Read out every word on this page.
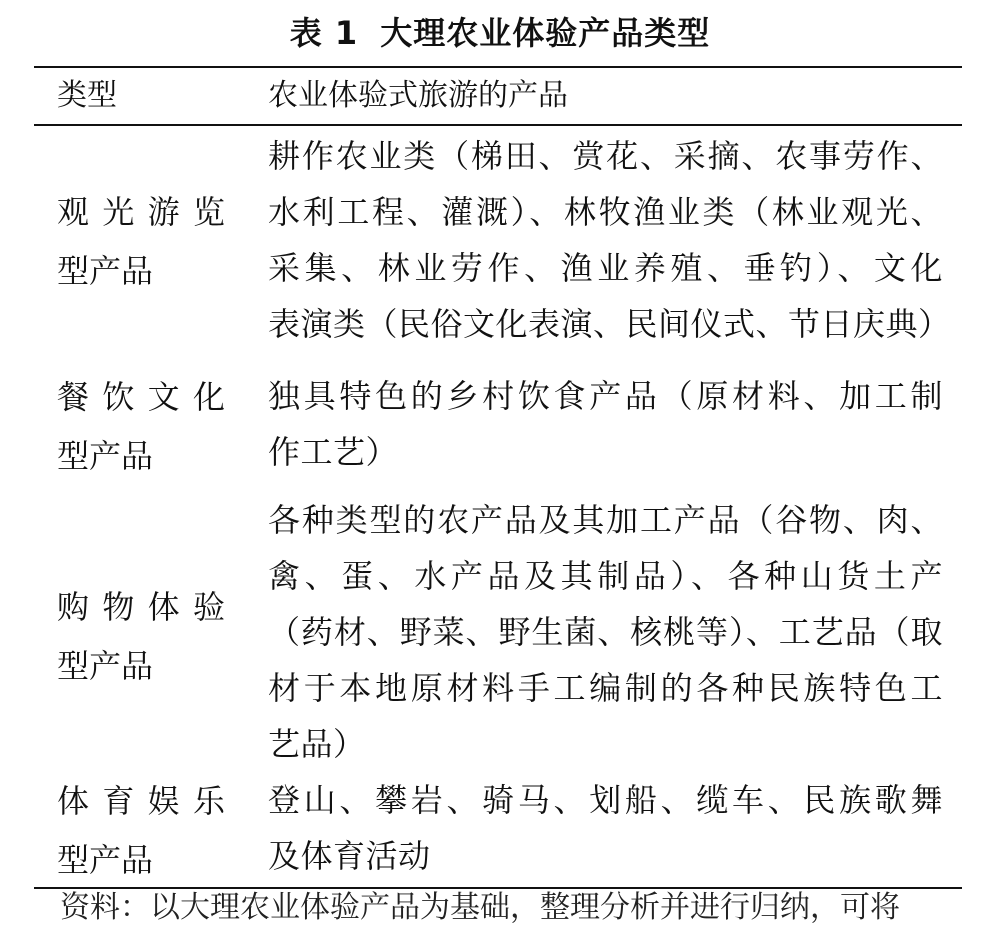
表 1 大理农业体验产品类型
类型	农业体验式旅游的产品
观 光 游 览
型产品
耕作农业类（梯田、赏花、采摘、农事劳作、
水利工程、灌溉）、林牧渔业类（林业观光、
采集、林业劳作、渔业养殖、垂钓）、文化
表演类（民俗文化表演、民间仪式、节日庆典）
餐 饮 文 化
型产品
独具特色的乡村饮食产品（原材料、加工制
作工艺）
购 物 体 验
型产品
各种类型的农产品及其加工产品（谷物、肉、
禽、蛋、水产品及其制品）、各种山货土产
（药材、野菜、野生菌、核桃等）、工艺品（取
材于本地原材料手工编制的各种民族特色工
艺品）
体 育 娱 乐
型产品
登山、攀岩、骑马、划船、缆车、民族歌舞
及体育活动
资料：以大理农业体验产品为基础，整理分析并进行归纳，可将
